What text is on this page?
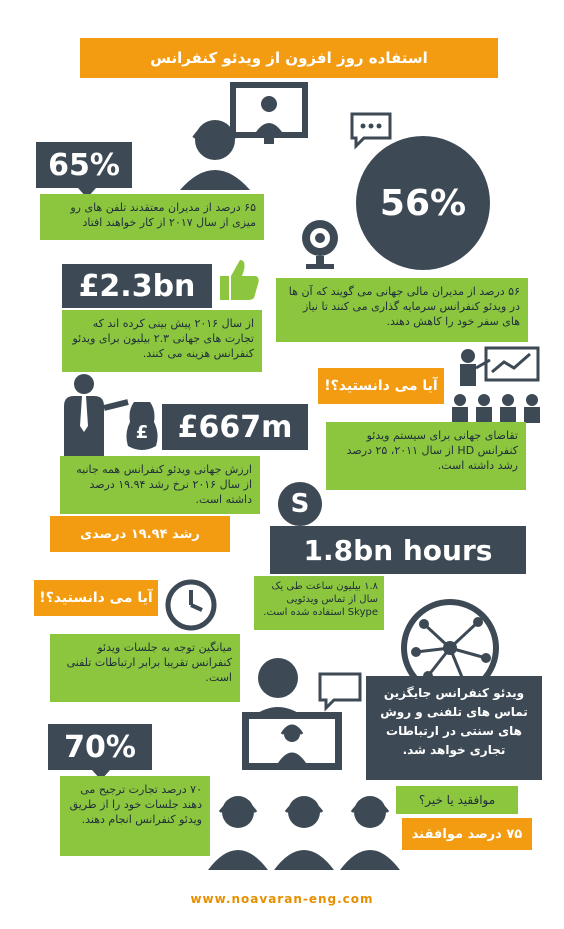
استفاده روز افزون از ویدئو کنفرانس
65%
۶۵ درصد از مدیران معتقدند تلفن های رو میزی از سال ۲۰۱۷ از کار خواهند افتاد	56%
۵۶ درصد از مدیران مالی جهانی می گویند که آن ها در ویدئو کنفرانس سرمایه گذاری می کنند تا نیاز های سفر خود را کاهش دهند.
£2.3bn
از سال ۲۰۱۶ پیش بینی کرده اند که تجارت های جهانی ۲.۳ بیلیون برای ویدئو کنفرانس هزینه می کنند.
آیا می دانستید؟!
تقاضای جهانی برای سیستم ویدئو کنفرانس HD از سال ۲۰۱۱، ۲۵ درصد رشد داشته است.
£ £667m
ارزش جهانی ویدئو کنفرانس همه جانبه از سال ۲۰۱۶ نرخ رشد ۱۹.۹۴ درصد داشته است.
رشد ۱۹.۹۴ درصدی
S
1.8bn hours
۱.۸ بیلیون ساعت طی یک سال از تماس ویدئویی Skype استفاده شده است.
آیا می دانستید؟!
میانگین توجه به جلسات ویدئو کنفرانس تقریبا برابر ارتباطات تلفنی است.
ویدئو کنفرانس جایگزین تماس های تلفنی و روش های سنتی در ارتباطات تجاری خواهد شد.
موافقید یا خیر؟
۷۵ درصد موافقند
70%
۷۰ درصد تجارت ترجیح می دهند جلسات خود را از طریق ویدئو کنفرانس انجام دهند.
www.noavaran-eng.com
